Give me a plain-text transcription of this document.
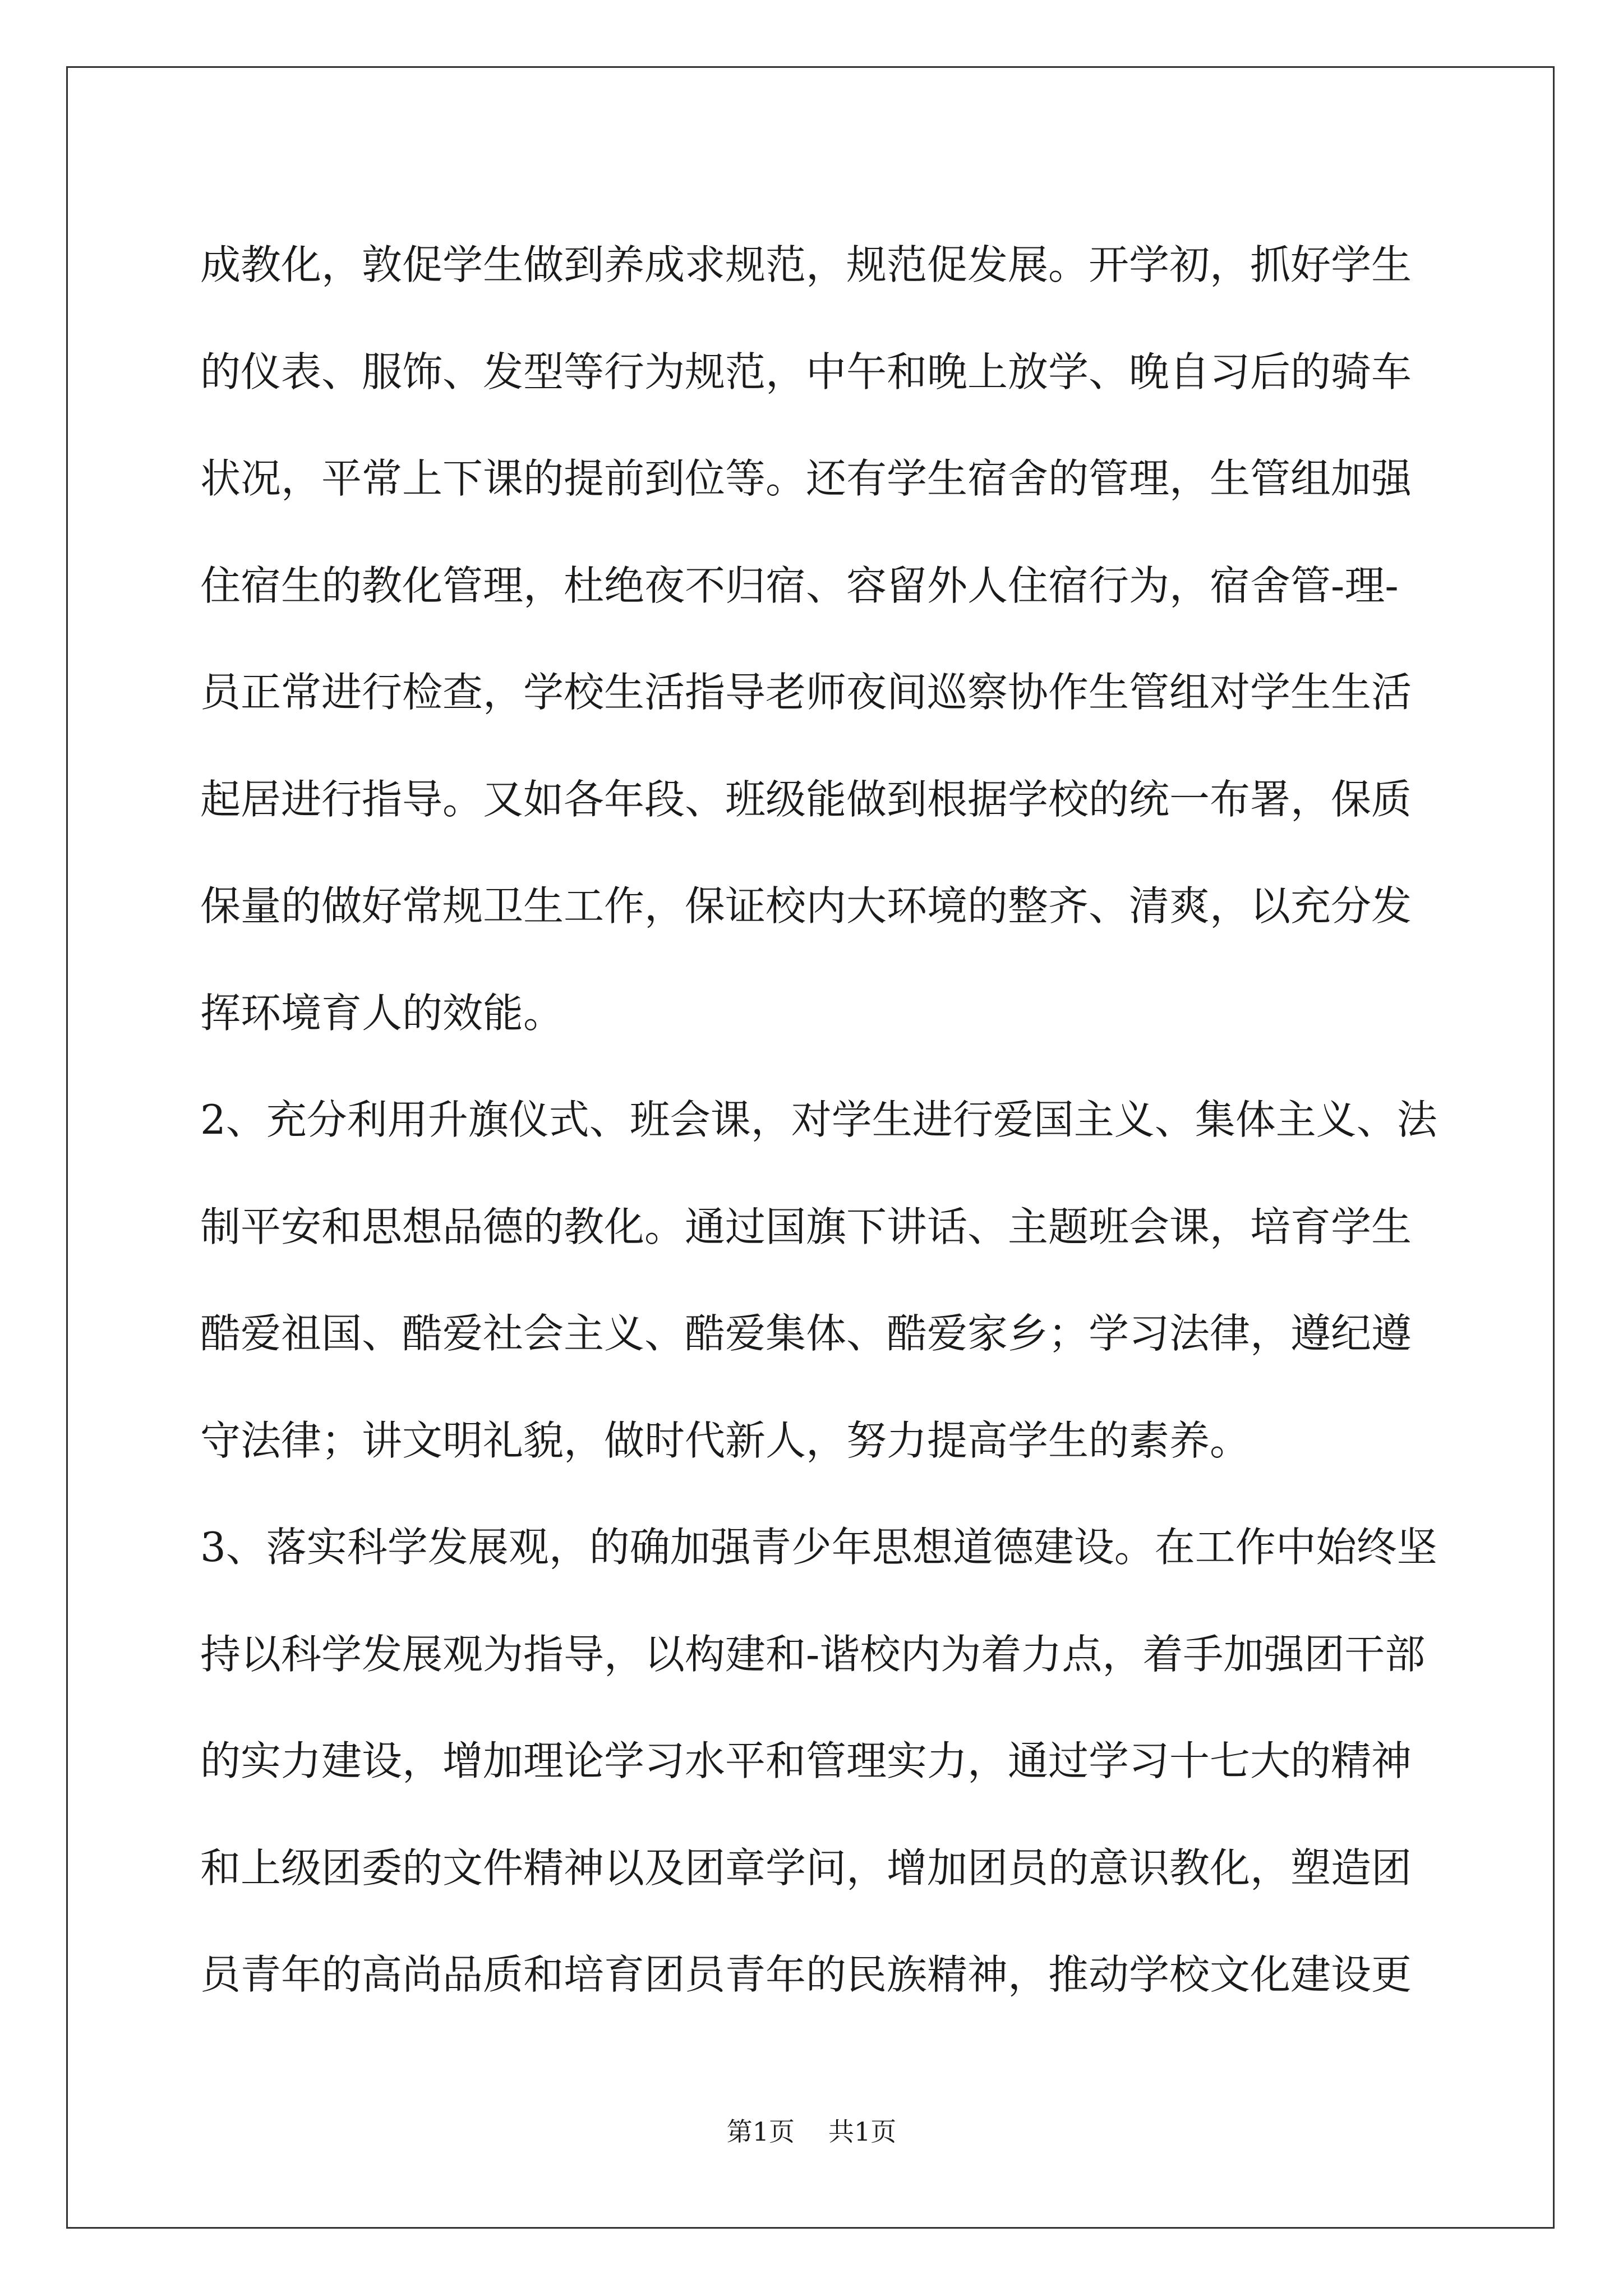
成教化，敦促学生做到养成求规范，规范促发展。开学初，抓好学生
的仪表、服饰、发型等行为规范，中午和晚上放学、晚自习后的骑车
状况，平常上下课的提前到位等。还有学生宿舍的管理，生管组加强
住宿生的教化管理，杜绝夜不归宿、容留外人住宿行为，宿舍管-理-
员正常进行检查，学校生活指导老师夜间巡察协作生管组对学生生活
起居进行指导。又如各年段、班级能做到根据学校的统一布署，保质
保量的做好常规卫生工作，保证校内大环境的整齐、清爽，以充分发
挥环境育人的效能。
2、充分利用升旗仪式、班会课，对学生进行爱国主义、集体主义、法
制平安和思想品德的教化。通过国旗下讲话、主题班会课，培育学生
酷爱祖国、酷爱社会主义、酷爱集体、酷爱家乡；学习法律，遵纪遵
守法律；讲文明礼貌，做时代新人，努力提高学生的素养。
3、落实科学发展观，的确加强青少年思想道德建设。在工作中始终坚
持以科学发展观为指导，以构建和-谐校内为着力点，着手加强团干部
的实力建设，增加理论学习水平和管理实力，通过学习十七大的精神
和上级团委的文件精神以及团章学问，增加团员的意识教化，塑造团
员青年的高尚品质和培育团员青年的民族精神，推动学校文化建设更
第1页 共1页
